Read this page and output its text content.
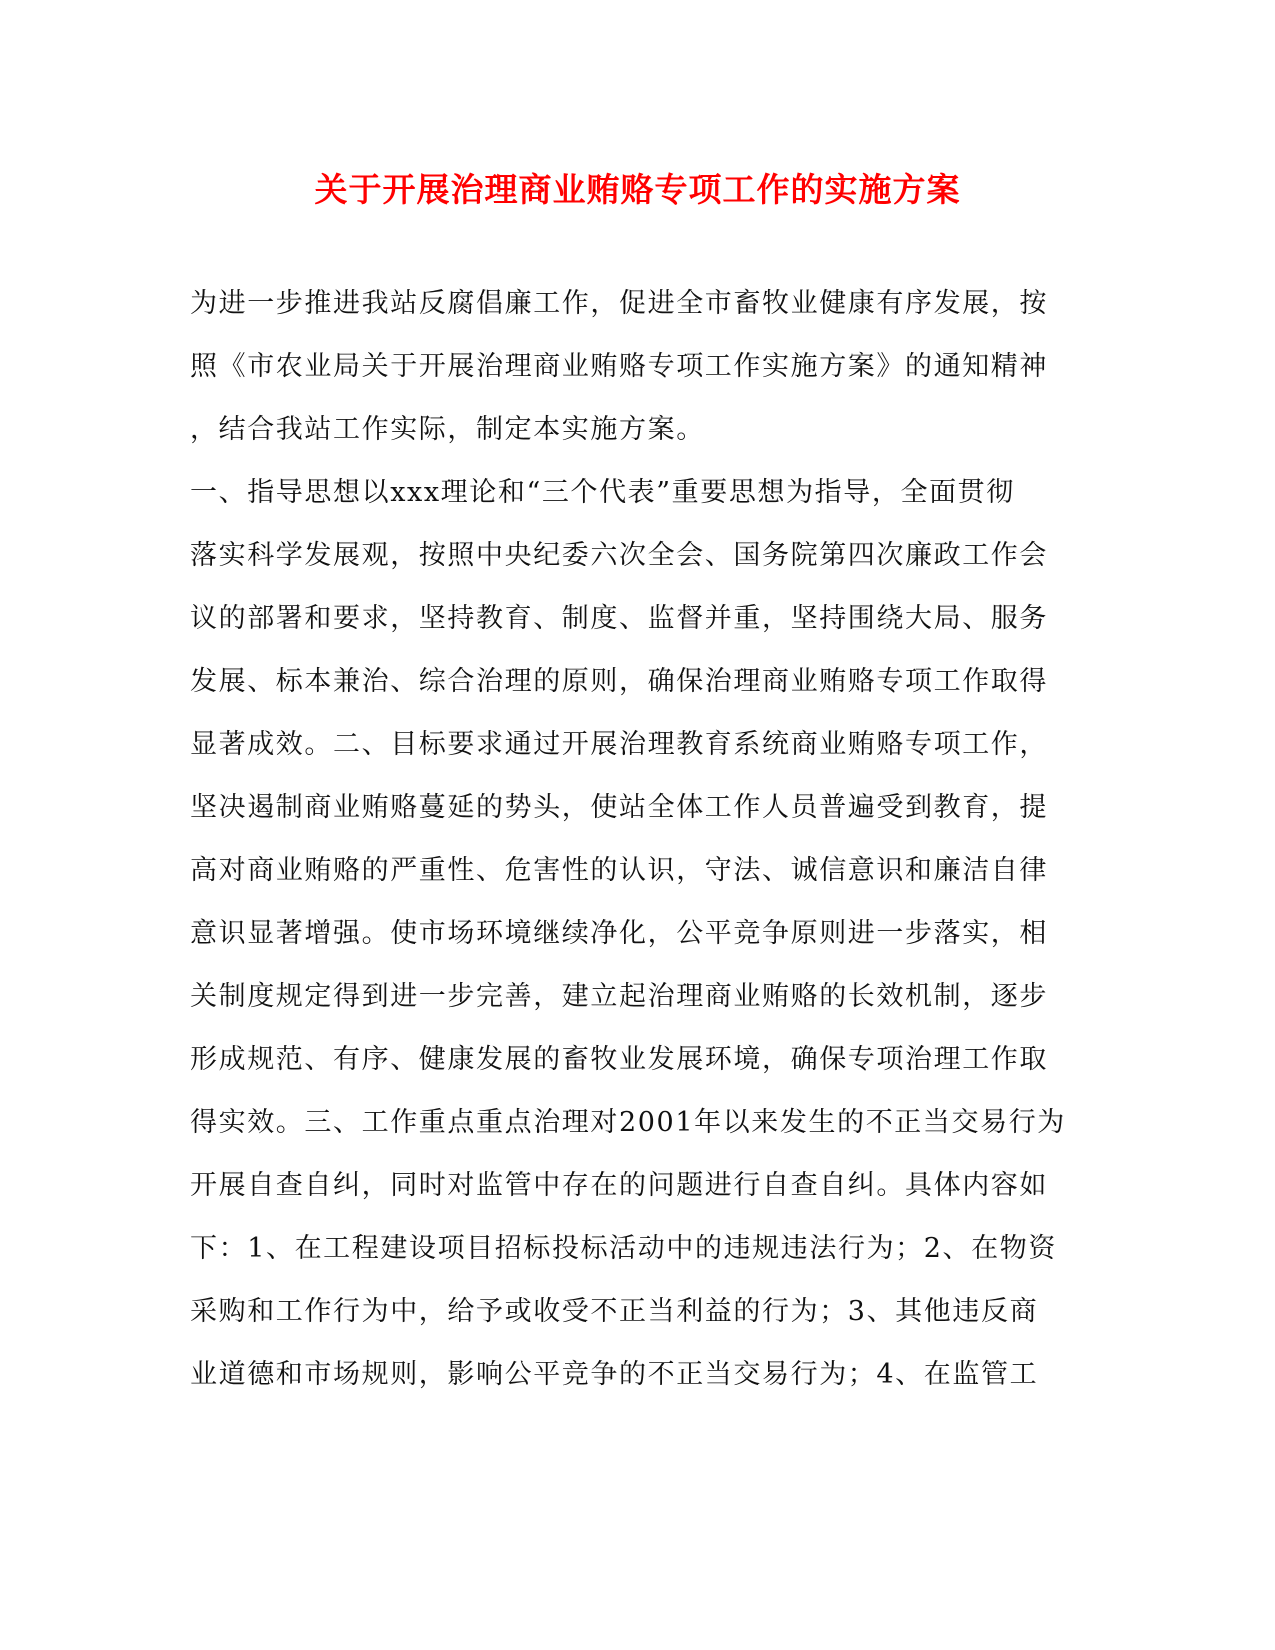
关于开展治理商业贿赂专项工作的实施方案
为进一步推进我站反腐倡廉工作，促进全市畜牧业健康有序发展，按
照《市农业局关于开展治理商业贿赂专项工作实施方案》的通知精神
，结合我站工作实际，制定本实施方案。
一、指导思想以xxx理论和“三个代表”重要思想为指导，全面贯彻
落实科学发展观，按照中央纪委六次全会、国务院第四次廉政工作会
议的部署和要求，坚持教育、制度、监督并重，坚持围绕大局、服务
发展、标本兼治、综合治理的原则，确保治理商业贿赂专项工作取得
显著成效。二、目标要求通过开展治理教育系统商业贿赂专项工作，
坚决遏制商业贿赂蔓延的势头，使站全体工作人员普遍受到教育，提
高对商业贿赂的严重性、危害性的认识，守法、诚信意识和廉洁自律
意识显著增强。使市场环境继续净化，公平竞争原则进一步落实，相
关制度规定得到进一步完善，建立起治理商业贿赂的长效机制，逐步
形成规范、有序、健康发展的畜牧业发展环境，确保专项治理工作取
得实效。三、工作重点重点治理对2001年以来发生的不正当交易行为
开展自查自纠，同时对监管中存在的问题进行自查自纠。具体内容如
下：1、在工程建设项目招标投标活动中的违规违法行为；2、在物资
采购和工作行为中，给予或收受不正当利益的行为；3、其他违反商
业道德和市场规则，影响公平竞争的不正当交易行为；4、在监管工
